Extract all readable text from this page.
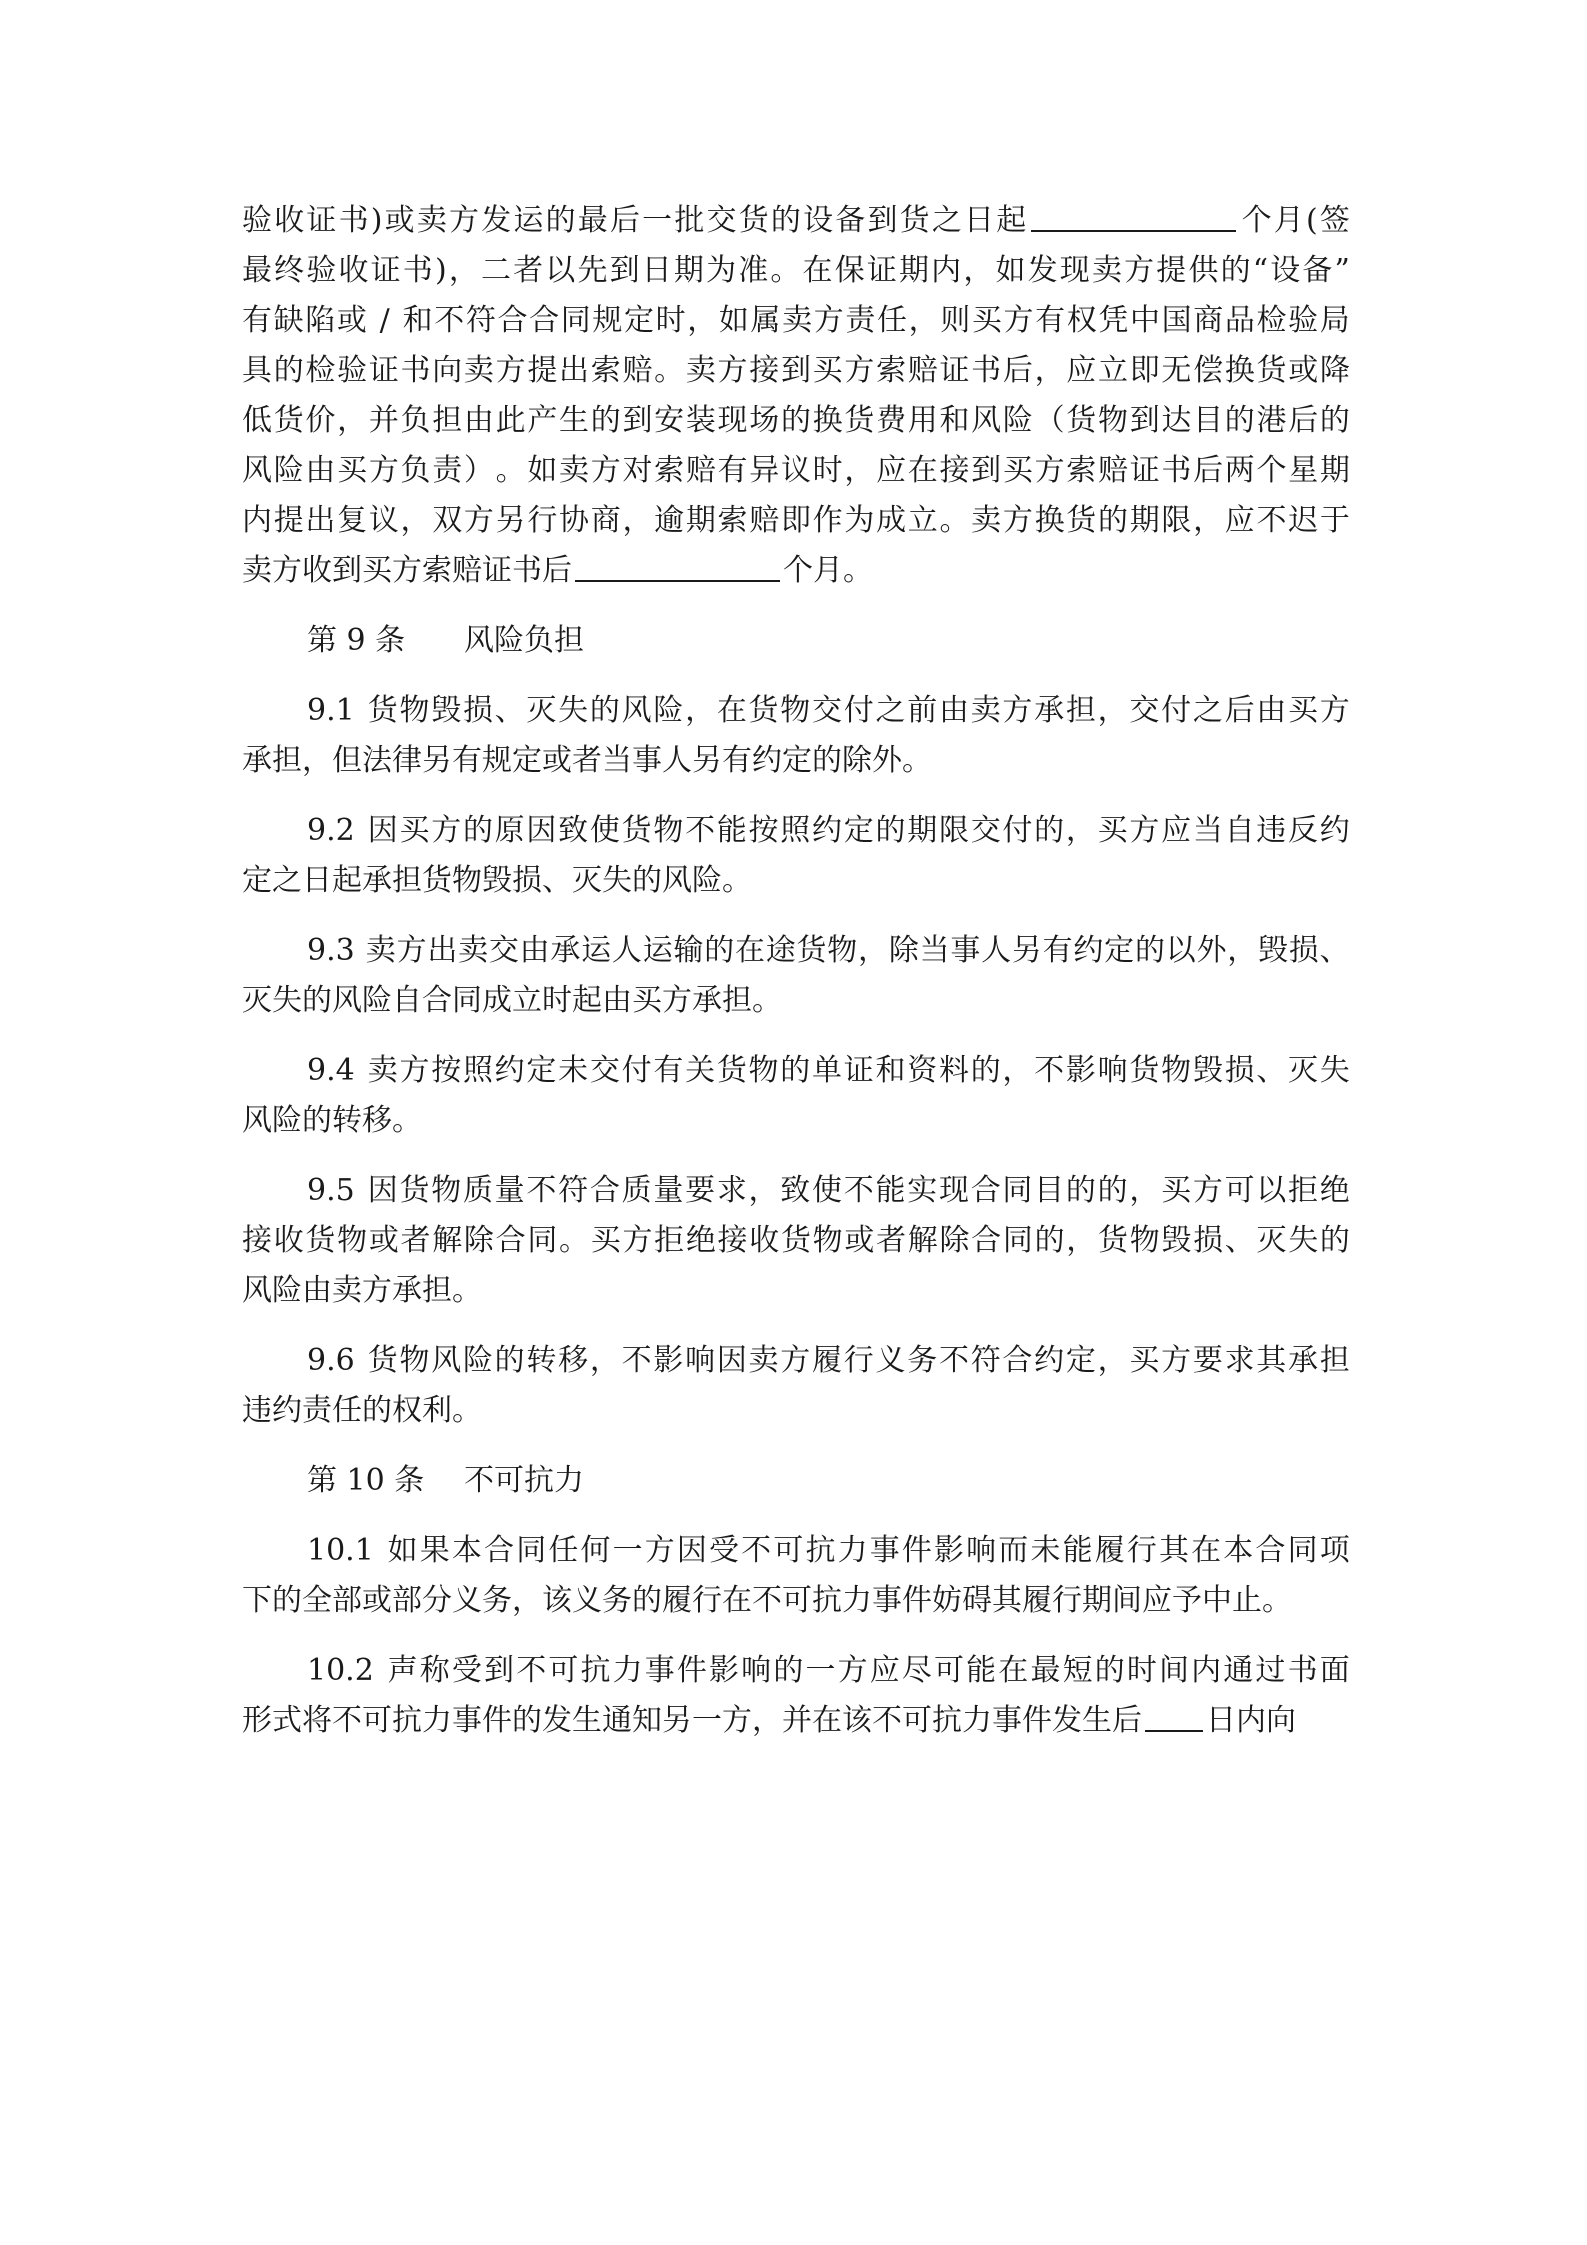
验 收 证 书 ) 或 卖 方 发 运 的 最 后 一 批 交 货 的 设 备 到 货 之 日 起	个 月 ( 签
最 终 验 收 证 书 ) ， 二 者 以 先 到 日 期 为 准 。 在 保 证 期 内 ， 如 发 现 卖 方 提 供 的 “ 设 备 ”
有 缺 陷 或
/
和 不 符 合 合 同 规 定 时 ， 如 属 卖 方 责 任 ， 则 买 方 有 权 凭 中 国 商 品 检 验 局
具 的 检 验 证 书 向 卖 方 提 出 索 赔 。 卖 方 接 到 买 方 索 赔 证 书 后 ， 应 立 即 无 偿 换 货 或 降
低 货 价 ， 并 负 担 由 此 产 生 的 到 安 装 现 场 的 换 货 费 用 和 风 险 （ 货 物 到 达 目 的 港 后 的
风 险 由 买 方 负 责 ） 。 如 卖 方 对 索 赔 有 异 议 时 ， 应 在 接 到 买 方 索 赔 证 书 后 两 个 星 期
内 提 出 复 议 ， 双 方 另 行 协 商 ， 逾 期 索 赔 即 作 为 成 立 。 卖 方 换 货 的 期 限 ， 应 不 迟 于
卖 方 收 到 买 方 索 赔 证 书 后	个 月 。
第 9 条 风险负担
9.1
货 物 毁 损 、 灭 失 的 风 险 ， 在 货 物 交 付 之 前 由 卖 方 承 担 ， 交 付 之 后 由 买 方
承 担 ， 但 法 律 另 有 规 定 或 者 当 事 人 另 有 约 定 的 除 外 。
9.2
因 买 方 的 原 因 致 使 货 物 不 能 按 照 约 定 的 期 限 交 付 的 ， 买 方 应 当 自 违 反 约
定 之 日 起 承 担 货 物 毁 损 、 灭 失 的 风 险 。
9.3
卖 方 出 卖 交 由 承 运 人 运 输 的 在 途 货 物 ， 除 当 事 人 另 有 约 定 的 以 外 ， 毁 损 、
灭 失 的 风 险 自 合 同 成 立 时 起 由 买 方 承 担 。
9.4
卖 方 按 照 约 定 未 交 付 有 关 货 物 的 单 证 和 资 料 的 ， 不 影 响 货 物 毁 损 、 灭 失
风 险 的 转 移 。
9.5
因 货 物 质 量 不 符 合 质 量 要 求 ， 致 使 不 能 实 现 合 同 目 的 的 ， 买 方 可 以 拒 绝
接 收 货 物 或 者 解 除 合 同 。 买 方 拒 绝 接 收 货 物 或 者 解 除 合 同 的 ， 货 物 毁 损 、 灭 失 的
风 险 由 卖 方 承 担 。
9.6
货 物 风 险 的 转 移 ， 不 影 响 因 卖 方 履 行 义 务 不 符 合 约 定 ， 买 方 要 求 其 承 担
违 约 责 任 的 权 利 。
第 10 条 不可抗力
10.1
如 果 本 合 同 任 何 一 方 因 受 不 可 抗 力 事 件 影 响 而 未 能 履 行 其 在 本 合 同 项
下 的 全 部 或 部 分 义 务 ， 该 义 务 的 履 行 在 不 可 抗 力 事 件 妨 碍 其 履 行 期 间 应 予 中 止 。
10.2
声 称 受 到 不 可 抗 力 事 件 影 响 的 一 方 应 尽 可 能 在 最 短 的 时 间 内 通 过 书 面
形 式 将 不 可 抗 力 事 件 的 发 生 通 知 另 一 方 ， 并 在 该 不 可 抗 力 事 件 发 生 后 日 内 向
